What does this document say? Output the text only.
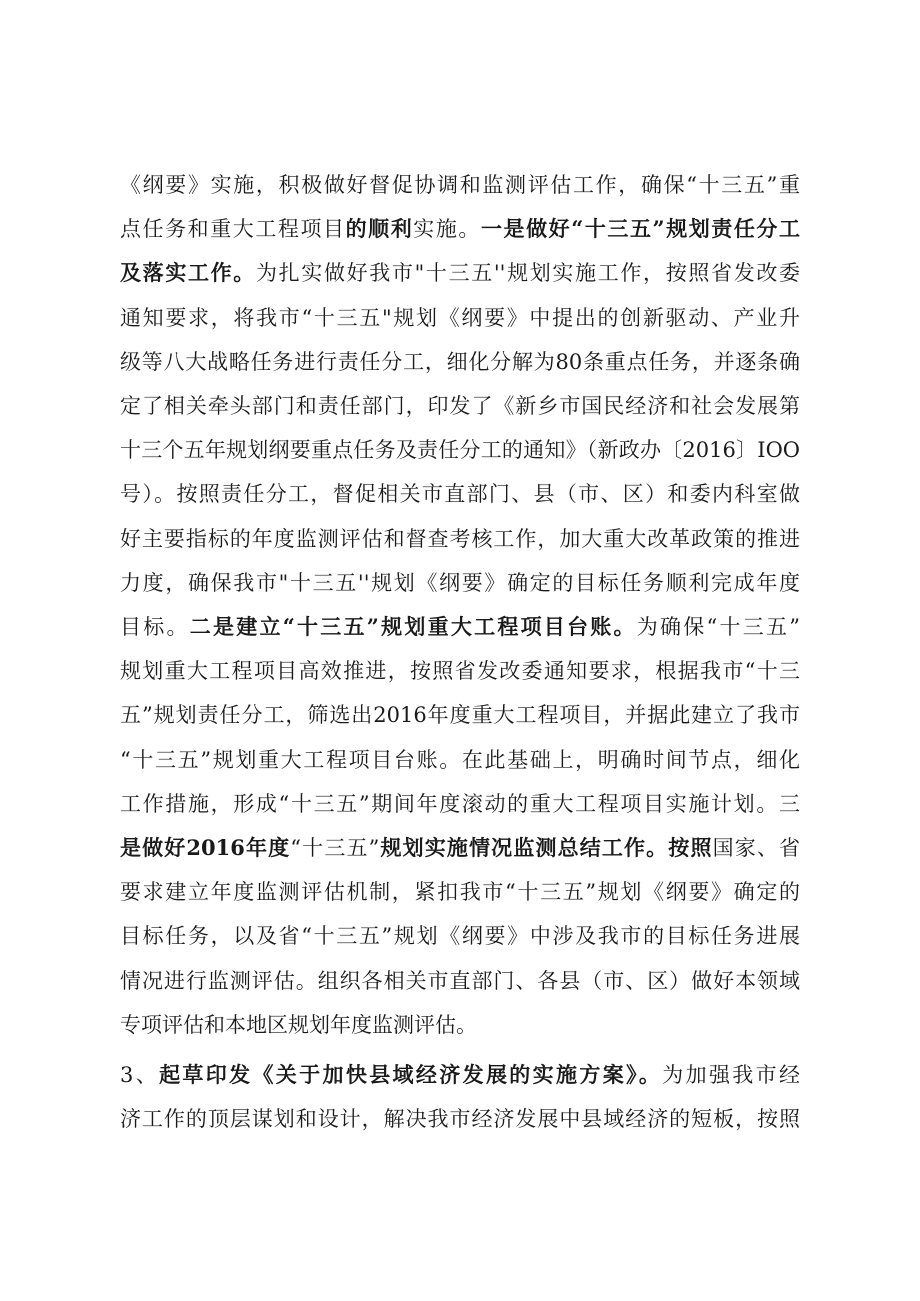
《纲要》实施，积极做好督促协调和监测评估工作，确保“十三五”重
点任务和重大工程项目的顺利实施。一是做好“十三五”规划责任分工
及落实工作。为扎实做好我市"十三五''规划实施工作，按照省发改委
通知要求，将我市“十三五"规划《纲要》中提出的创新驱动、产业升
级等八大战略任务进行责任分工，细化分解为80条重点任务，并逐条确
定了相关牵头部门和责任部门，印发了《新乡市国民经济和社会发展第
十三个五年规划纲要重点任务及责任分工的通知》（新政办〔2016〕IOO
号）。按照责任分工，督促相关市直部门、县（市、区）和委内科室做
好主要指标的年度监测评估和督查考核工作，加大重大改革政策的推进
力度，确保我市"十三五''规划《纲要》确定的目标任务顺利完成年度
目标。二是建立“十三五”规划重大工程项目台账。为确保“十三五”
规划重大工程项目高效推进，按照省发改委通知要求，根据我市“十三
五”规划责任分工，筛选出2016年度重大工程项目，并据此建立了我市
“十三五”规划重大工程项目台账。在此基础上，明确时间节点，细化
工作措施，形成“十三五”期间年度滚动的重大工程项目实施计划。三
是做好2016年度“十三五”规划实施情况监测总结工作。按照国家、省
要求建立年度监测评估机制，紧扣我市“十三五”规划《纲要》确定的
目标任务，以及省“十三五”规划《纲要》中涉及我市的目标任务进展
情况进行监测评估。组织各相关市直部门、各县（市、区）做好本领域
专项评估和本地区规划年度监测评估。
3、起草印发《关于加快县域经济发展的实施方案》。为加强我市经
济工作的顶层谋划和设计，解决我市经济发展中县域经济的短板，按照
